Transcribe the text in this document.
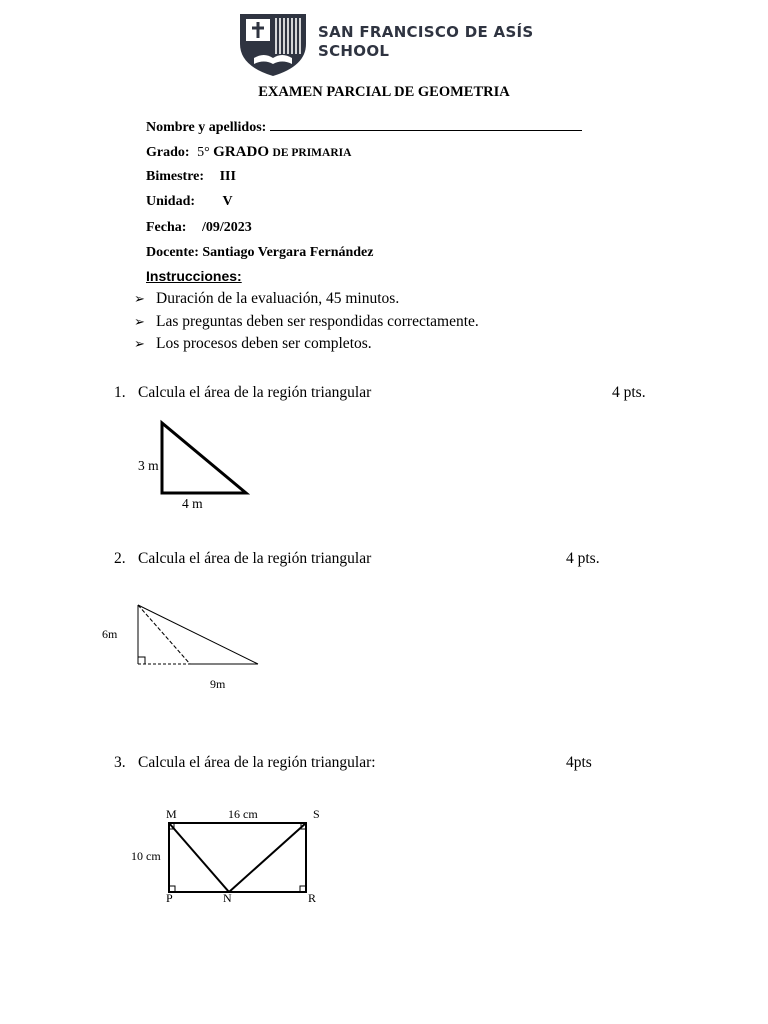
SAN FRANCISCO DE ASÍS
SCHOOL
EXAMEN PARCIAL DE GEOMETRIA
Nombre y apellidos:
Grado: 5° GRADO DE PRIMARIA
Bimestre: III
Unidad: V
Fecha: /09/2023
Docente: Santiago Vergara Fernández
Instrucciones:
➢ Duración de la evaluación, 45 minutos.
➢ Las preguntas deben ser respondidas correctamente.
➢ Los procesos deben ser completos.
1. Calcula el área de la región triangular	4 pts.
3 m
4 m
2. Calcula el área de la región triangular	4 pts.
6m
9m
3. Calcula el área de la región triangular:	4pts
M	16 cm	S
10 cm
P	N	R
